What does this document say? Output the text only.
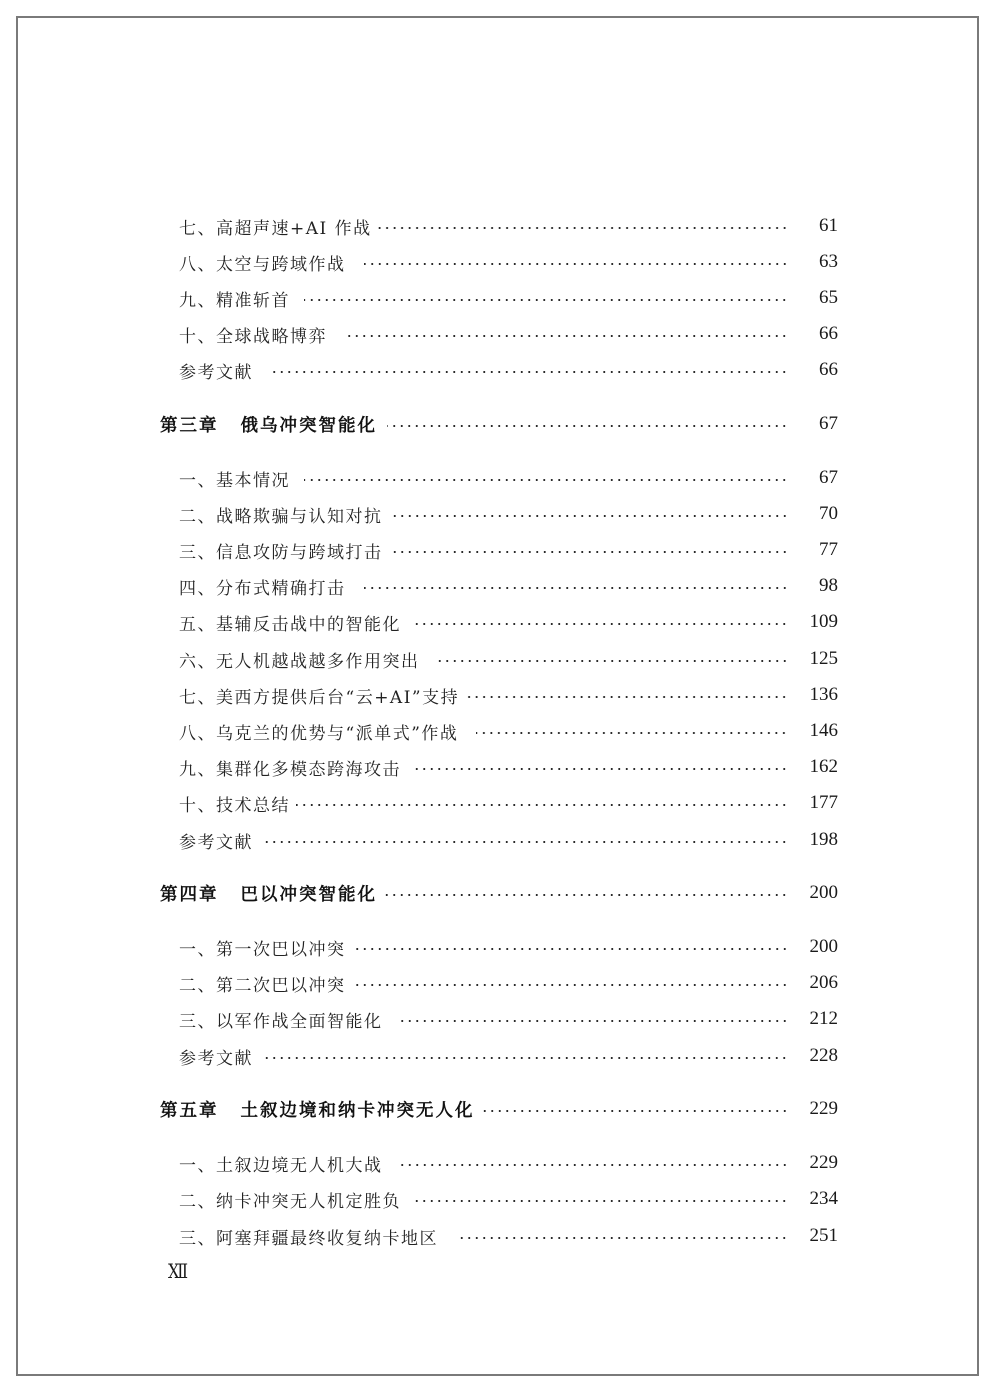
七、高超声速+AI 作战	61
八、太空与跨域作战	63
九、精准斩首	65
十、全球战略博弈	66
参考文献	66
第三章 俄乌冲突智能化	67
一、基本情况	67
二、战略欺骗与认知对抗	70
三、信息攻防与跨域打击	77
四、分布式精确打击	98
五、基辅反击战中的智能化	109
六、无人机越战越多作用突出	125
七、美西方提供后台“云+AI”支持	136
八、乌克兰的优势与“派单式”作战	146
九、集群化多模态跨海攻击	162
十、技术总结	177
参考文献	198
第四章 巴以冲突智能化	200
一、第一次巴以冲突	200
二、第二次巴以冲突	206
三、以军作战全面智能化	212
参考文献	228
第五章 土叙边境和纳卡冲突无人化	229
一、土叙边境无人机大战	229
二、纳卡冲突无人机定胜负	234
三、阿塞拜疆最终收复纳卡地区	251
Ⅻ
